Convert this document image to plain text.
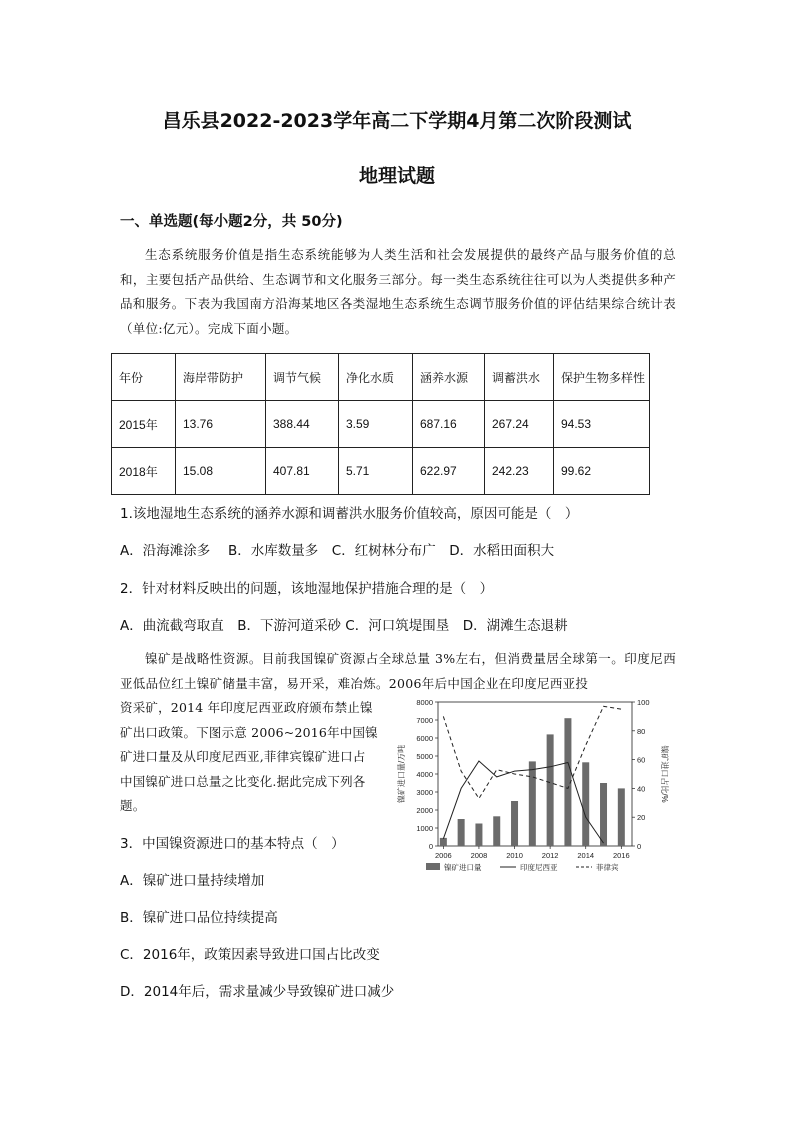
昌乐县2022-2023学年高二下学期4月第二次阶段测试
地理试题
一、单选题(每小题2分，共 50分)
生态系统服务价值是指生态系统能够为人类生活和社会发展提供的最终产品与服务价值的总和，主要包括产品供给、生态调节和文化服务三部分。每一类生态系统往往可以为人类提供多种产品和服务。下表为我国南方沿海某地区各类湿地生态系统生态调节服务价值的评估结果综合统计表（单位:亿元）。完成下面小题。
年份	海岸带防护	调节气候	净化水质	涵养水源	调蓄洪水	保护生物多样性
2015年	13.76	388.44	3.59	687.16	267.24	94.53
2018年	15.08	407.81	5.71	622.97	242.23	99.62
1.该地湿地生态系统的涵养水源和调蓄洪水服务价值较高，原因可能是（　）
A．沿海滩涂多　 B．水库数量多　C．红树林分布广　D．水稻田面积大
2．针对材料反映出的问题，该地湿地保护措施合理的是（　）
A．曲流截弯取直　B．下游河道采砂 C．河口筑堤围垦　D．湖滩生态退耕
镍矿是战略性资源。目前我国镍矿资源占全球总量 3%左右，但消费量居全球第一。印度尼西亚低品位红土镍矿储量丰富，易开采，难冶炼。2006年后中国企业在印度尼西亚投
资采矿，2014 年印度尼西亚政府颁布禁止镍矿出口政策。下图示意 2006~2016年中国镍矿进口量及从印度尼西亚,菲律宾镍矿进口占中国镍矿进口总量之比变化.据此完成下列各题。
0
1000
2000
3000
4000
5000
6000
7000
8000
0
20
40
60
80
100
2006	2008	2010	2012	2014	2016
镍矿进口量/万吨	镍矿进口占比/%
镍矿进口量	印度尼西亚	菲律宾
3．中国镍资源进口的基本特点（　）
A．镍矿进口量持续增加
B．镍矿进口品位持续提高
C．2016年，政策因素导致进口国占比改变
D．2014年后，需求量减少导致镍矿进口减少
